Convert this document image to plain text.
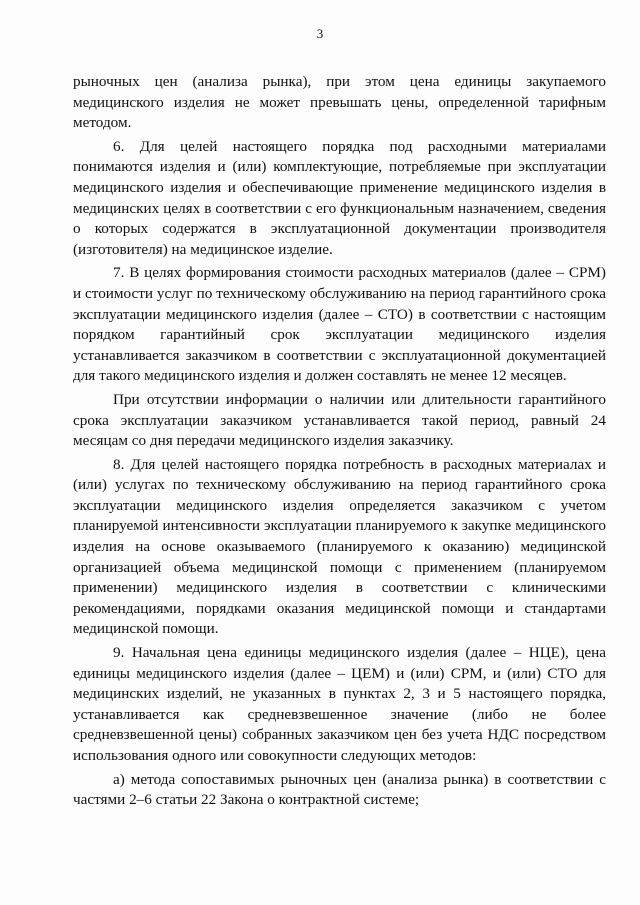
3

рыночных цен (анализа рынка), при этом цена единицы закупаемого медицинского изделия не может превышать цены, определенной тарифным методом.

6. Для целей настоящего порядка под расходными материалами понимаются изделия и (или) комплектующие, потребляемые при эксплуатации медицинского изделия и обеспечивающие применение медицинского изделия в медицинских целях в соответствии с его функциональным назначением, сведения о которых содержатся в эксплуатационной документации производителя (изготовителя) на медицинское изделие.

7. В целях формирования стоимости расходных материалов (далее – СРМ) и стоимости услуг по техническому обслуживанию на период гарантийного срока эксплуатации медицинского изделия (далее – СТО) в соответствии с настоящим порядком гарантийный срок эксплуатации медицинского изделия устанавливается заказчиком в соответствии с эксплуатационной документацией для такого медицинского изделия и должен составлять не менее 12 месяцев.

При отсутствии информации о наличии или длительности гарантийного срока эксплуатации заказчиком устанавливается такой период, равный 24 месяцам со дня передачи медицинского изделия заказчику.

8. Для целей настоящего порядка потребность в расходных материалах и (или) услугах по техническому обслуживанию на период гарантийного срока эксплуатации медицинского изделия определяется заказчиком с учетом планируемой интенсивности эксплуатации планируемого к закупке медицинского изделия на основе оказываемого (планируемого к оказанию) медицинской организацией объема медицинской помощи с применением (планируемом применении) медицинского изделия в соответствии с клиническими рекомендациями, порядками оказания медицинской помощи и стандартами медицинской помощи.

9. Начальная цена единицы медицинского изделия (далее – НЦЕ), цена единицы медицинского изделия (далее – ЦЕМ) и (или) СРМ, и (или) СТО для медицинских изделий, не указанных в пунктах 2, 3 и 5 настоящего порядка, устанавливается как средневзвешенное значение (либо не более средневзвешенной цены) собранных заказчиком цен без учета НДС посредством использования одного или совокупности следующих методов:

а) метода сопоставимых рыночных цен (анализа рынка) в соответствии с частями 2–6 статьи 22 Закона о контрактной системе;
